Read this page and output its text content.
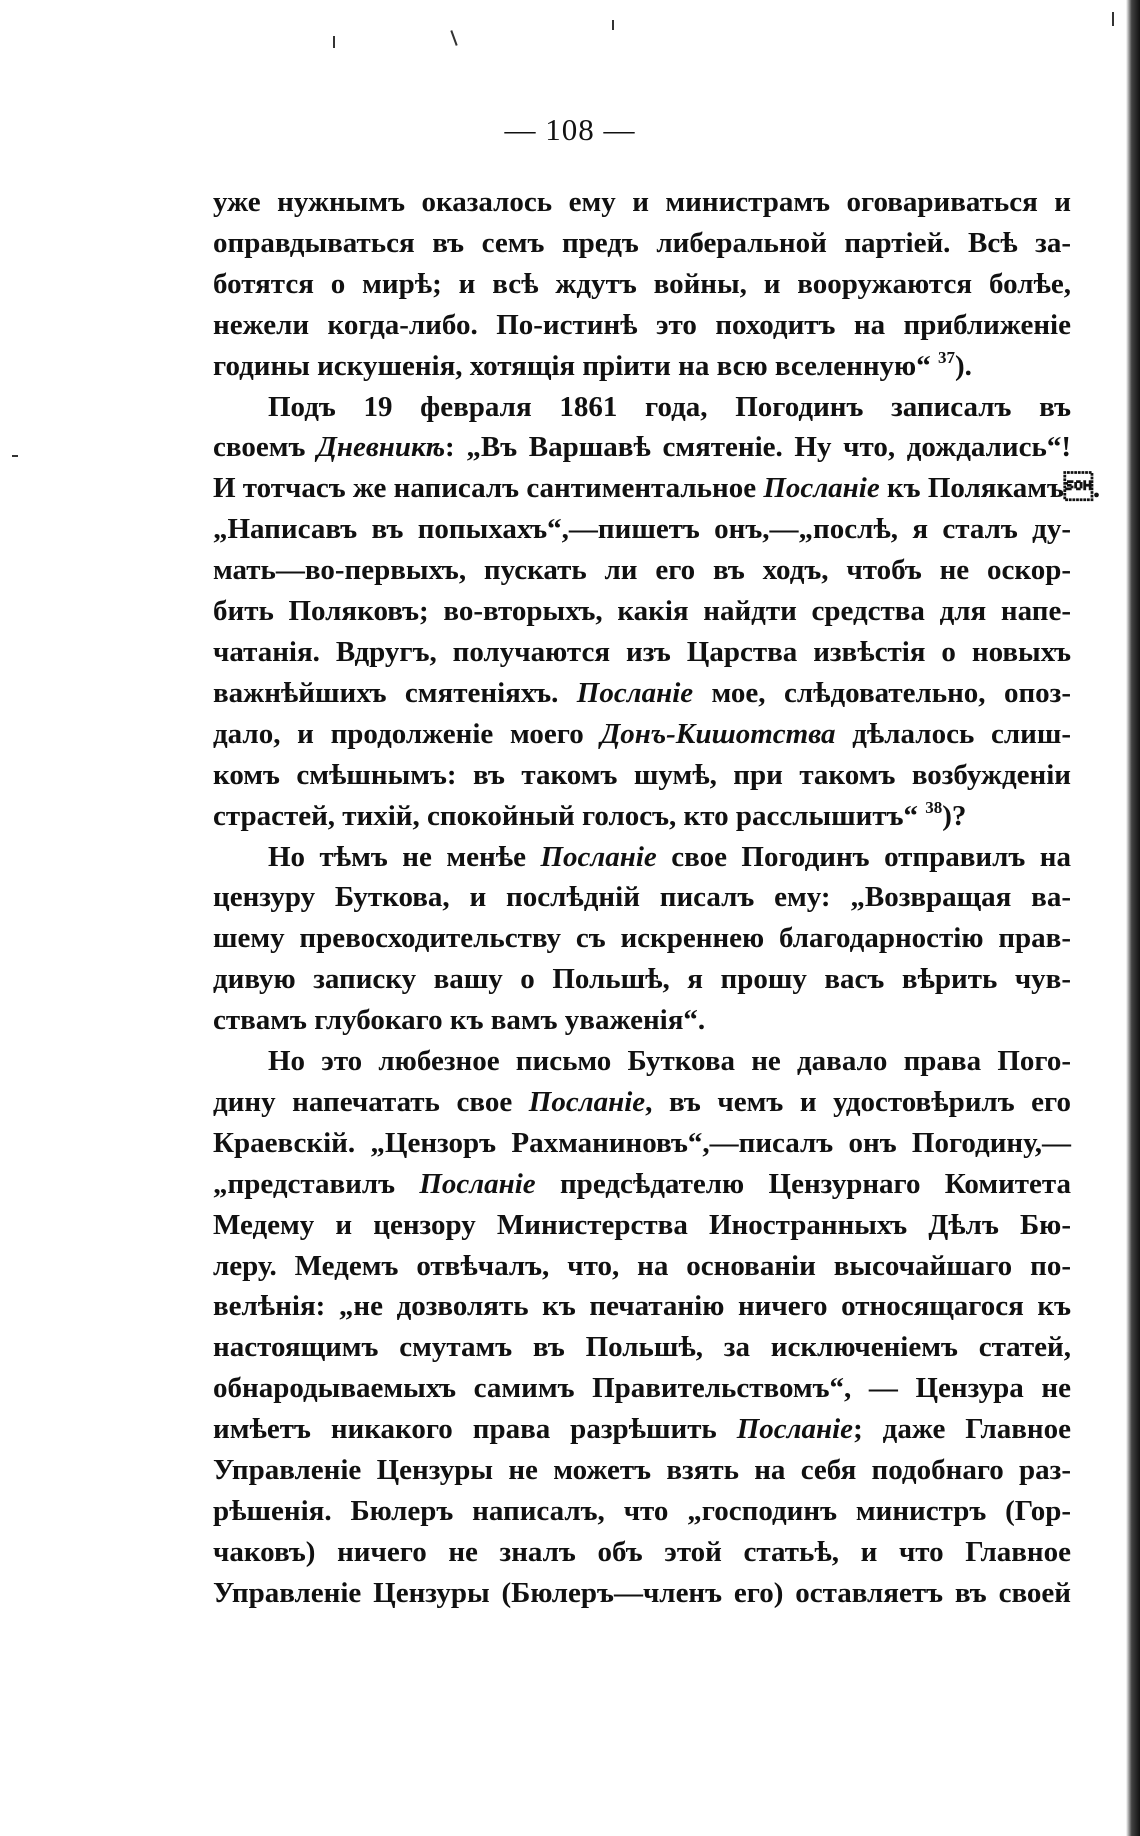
— 108 —

уже нужнымъ оказалось ему и министрамъ оговариваться и
оправдываться въ семъ предъ либеральной партіей. Всѣ за-
ботятся о мирѣ; и всѣ ждутъ войны, и вооружаются болѣе,
нежели когда-либо. По-истинѣ это походитъ на приближеніе
годины искушенія, хотящія пріити на всю вселенную“ $^{37}$).

Подъ 19 февраля 1861 года, Погодинъ записалъ въ
своемъ Дневникѣ: „Въ Варшавѣ смятеніе. Ну что, дождались“!
И тотчасъ же написалъ сантиментальное Посланіе къ Полякамъ.
„Написавъ въ попыхахъ“,—пишетъ онъ,—„послѣ, я сталъ ду-
мать—во-первыхъ, пускать ли его въ ходъ, чтобъ не оскор-
бить Поляковъ; во-вторыхъ, какія найдти средства для напе-
чатанія. Вдругъ, получаются изъ Царства извѣстія о новыхъ
важнѣйшихъ смятеніяхъ. Посланіе мое, слѣдовательно, опоз-
дало, и продолженіе моего Донъ-Кишотства дѣлалось слиш-
комъ смѣшнымъ: въ такомъ шумѣ, при такомъ возбужденіи
страстей, тихій, спокойный голосъ, кто расслышитъ“ $^{38}$)?

Но тѣмъ не менѣе Посланіе свое Погодинъ отправилъ на
цензуру Буткова, и послѣдній писалъ ему: „Возвращая ва-
шему превосходительству съ искреннею благодарностію прав-
дивую записку вашу о Польшѣ, я прошу васъ вѣрить чув-
ствамъ глубокаго къ вамъ уваженія“.

Но это любезное письмо Буткова не давало права Пого-
дину напечатать свое Посланіе, въ чемъ и удостовѣрилъ его
Краевскій. „Цензоръ Рахманиновъ“,—писалъ онъ Погодину,—
„представилъ Посланіе предсѣдателю Цензурнаго Комитета
Медему и цензору Министерства Иностранныхъ Дѣлъ Бю-
леру. Медемъ отвѣчалъ, что, на основаніи высочайшаго по-
велѣнія: „не дозволять къ печатанію ничего относящагося къ
настоящимъ смутамъ въ Польшѣ, за исключеніемъ статей,
обнародываемыхъ самимъ Правительствомъ“, — Цензура не
имѣетъ никакого права разрѣшить Посланіе; даже Главное
Управленіе Цензуры не можетъ взять на себя подобнаго раз-
рѣшенія. Бюлеръ написалъ, что „господинъ министръ (Гор-
чаковъ) ничего не зналъ объ этой статьѣ, и что Главное
Управленіе Цензуры (Бюлеръ—членъ его) оставляетъ въ своей
